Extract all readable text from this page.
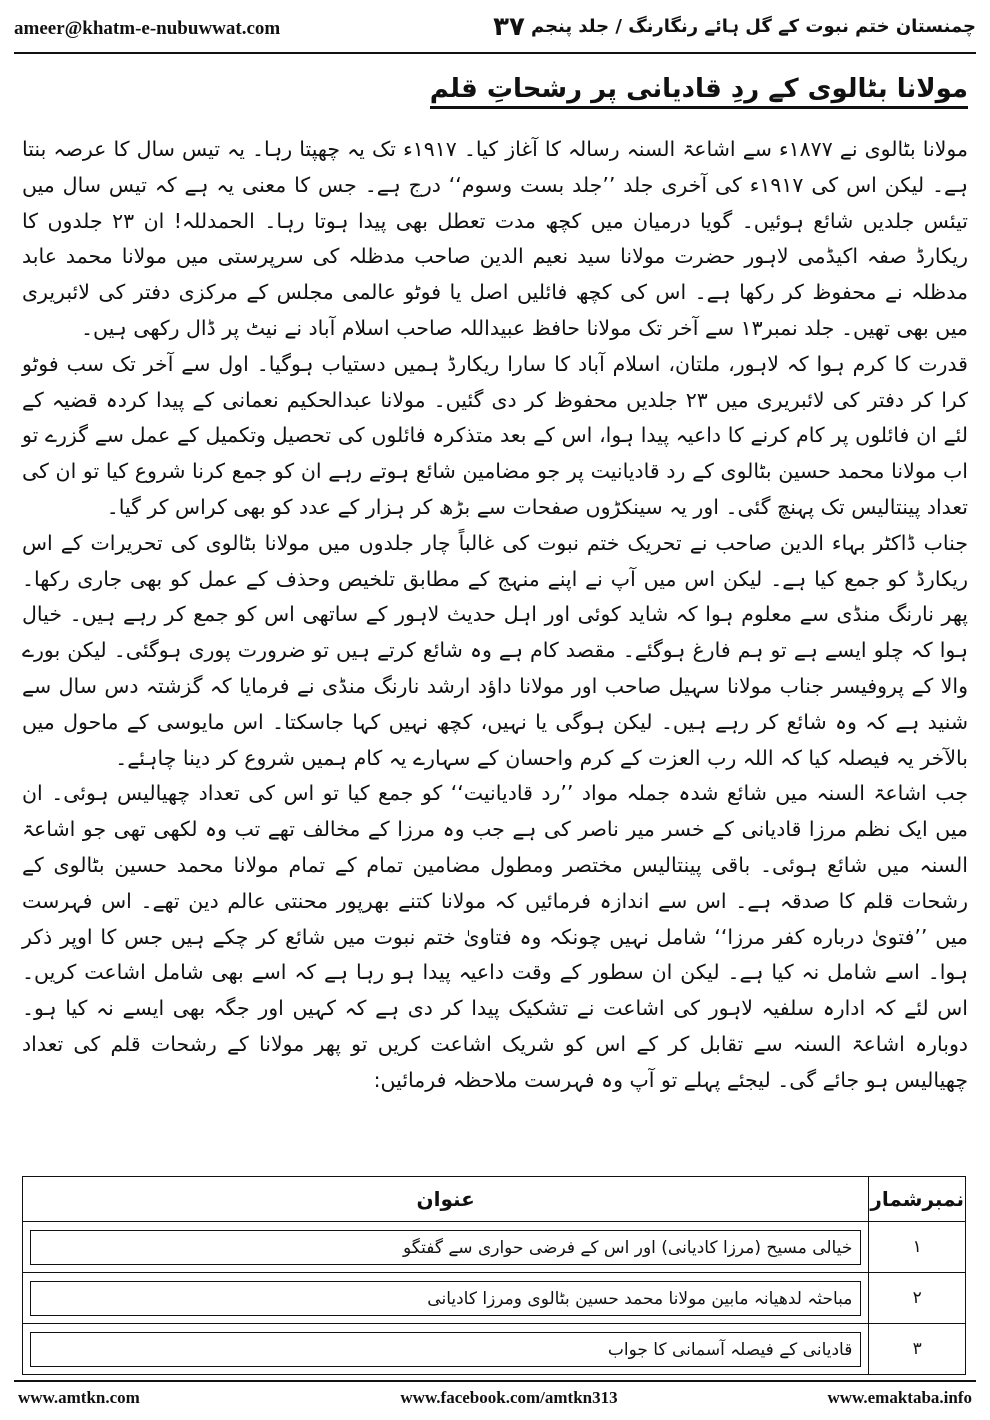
ameer@khatm-e-nubuwwat.com	۳۷ چمنستان ختم نبوت کے گل ہائے رنگارنگ / جلد پنجم
مولانا بٹالوی کے ردِ قادیانی پر رشحاتِ قلم

مولانا بٹالوی نے ۱۸۷۷ء سے اشاعۃ السنہ رسالہ کا آغاز کیا۔ ۱۹۱۷ء تک یہ چھپتا رہا۔ یہ تیس سال کا عرصہ بنتا ہے۔ لیکن اس کی ۱۹۱۷ء کی آخری جلد ’’جلد بست وسوم‘‘ درج ہے۔ جس کا معنی یہ ہے کہ تیس سال میں تیئس جلدیں شائع ہوئیں۔ گویا درمیان میں کچھ مدت تعطل بھی پیدا ہوتا رہا۔ الحمدللہ! ان ۲۳ جلدوں کا ریکارڈ صفہ اکیڈمی لاہور حضرت مولانا سید نعیم الدین صاحب مدظلہ کی سرپرستی میں مولانا محمد عابد مدظلہ نے محفوظ کر رکھا ہے۔ اس کی کچھ فائلیں اصل یا فوٹو عالمی مجلس کے مرکزی دفتر کی لائبریری میں بھی تھیں۔ جلد نمبر۱۳ سے آخر تک مولانا حافظ عبیداللہ صاحب اسلام آباد نے نیٹ پر ڈال رکھی ہیں۔

قدرت کا کرم ہوا کہ لاہور، ملتان، اسلام آباد کا سارا ریکارڈ ہمیں دستیاب ہوگیا۔ اول سے آخر تک سب فوٹو کرا کر دفتر کی لائبریری میں ۲۳ جلدیں محفوظ کر دی گئیں۔ مولانا عبدالحکیم نعمانی کے پیدا کردہ قضیہ کے لئے ان فائلوں پر کام کرنے کا داعیہ پیدا ہوا، اس کے بعد متذکرہ فائلوں کی تحصیل وتکمیل کے عمل سے گزرے تو اب مولانا محمد حسین بٹالوی کے رد قادیانیت پر جو مضامین شائع ہوتے رہے ان کو جمع کرنا شروع کیا تو ان کی تعداد پینتالیس تک پہنچ گئی۔ اور یہ سینکڑوں صفحات سے بڑھ کر ہزار کے عدد کو بھی کراس کر گیا۔

جناب ڈاکٹر بہاء الدین صاحب نے تحریک ختم نبوت کی غالباً چار جلدوں میں مولانا بٹالوی کی تحریرات کے اس ریکارڈ کو جمع کیا ہے۔ لیکن اس میں آپ نے اپنے منہج کے مطابق تلخیص وحذف کے عمل کو بھی جاری رکھا۔ پھر نارنگ منڈی سے معلوم ہوا کہ شاید کوئی اور اہل حدیث لاہور کے ساتھی اس کو جمع کر رہے ہیں۔ خیال ہوا کہ چلو ایسے ہے تو ہم فارغ ہوگئے۔ مقصد کام ہے وہ شائع کرتے ہیں تو ضرورت پوری ہوگئی۔ لیکن بورے والا کے پروفیسر جناب مولانا سہیل صاحب اور مولانا داؤد ارشد نارنگ منڈی نے فرمایا کہ گزشتہ دس سال سے شنید ہے کہ وہ شائع کر رہے ہیں۔ لیکن ہوگی یا نہیں، کچھ نہیں کہا جاسکتا۔ اس مایوسی کے ماحول میں بالآخر یہ فیصلہ کیا کہ اللہ رب العزت کے کرم واحسان کے سہارے یہ کام ہمیں شروع کر دینا چاہئے۔

جب اشاعۃ السنہ میں شائع شدہ جملہ مواد ’’رد قادیانیت‘‘ کو جمع کیا تو اس کی تعداد چھیالیس ہوئی۔ ان میں ایک نظم مرزا قادیانی کے خسر میر ناصر کی ہے جب وہ مرزا کے مخالف تھے تب وہ لکھی تھی جو اشاعۃ السنہ میں شائع ہوئی۔ باقی پینتالیس مختصر ومطول مضامین تمام کے تمام مولانا محمد حسین بٹالوی کے رشحات قلم کا صدقہ ہے۔ اس سے اندازہ فرمائیں کہ مولانا کتنے بھرپور محنتی عالم دین تھے۔ اس فہرست میں ’’فتویٰ درباره کفر مرزا‘‘ شامل نہیں چونکہ وہ فتاویٰ ختم نبوت میں شائع کر چکے ہیں جس کا اوپر ذکر ہوا۔ اسے شامل نہ کیا ہے۔ لیکن ان سطور کے وقت داعیہ پیدا ہو رہا ہے کہ اسے بھی شامل اشاعت کریں۔ اس لئے کہ ادارہ سلفیہ لاہور کی اشاعت نے تشکیک پیدا کر دی ہے کہ کہیں اور جگہ بھی ایسے نہ کیا ہو۔ دوبارہ اشاعۃ السنہ سے تقابل کر کے اس کو شریک اشاعت کریں تو پھر مولانا کے رشحات قلم کی تعداد چھیالیس ہو جائے گی۔ لیجئے پہلے تو آپ وہ فہرست ملاحظہ فرمائیں:

نمبرشمار	عنوان
۱	خیالی مسیح (مرزا کادیانی) اور اس کے فرضی حواری سے گفتگو

۲	مباحثہ لدھیانہ مابین مولانا محمد حسین بٹالوی ومرزا کادیانی

۳	قادیانی کے فیصلہ آسمانی کا جواب
www.amtkn.com	www.facebook.com/amtkn313	www.emaktaba.info
